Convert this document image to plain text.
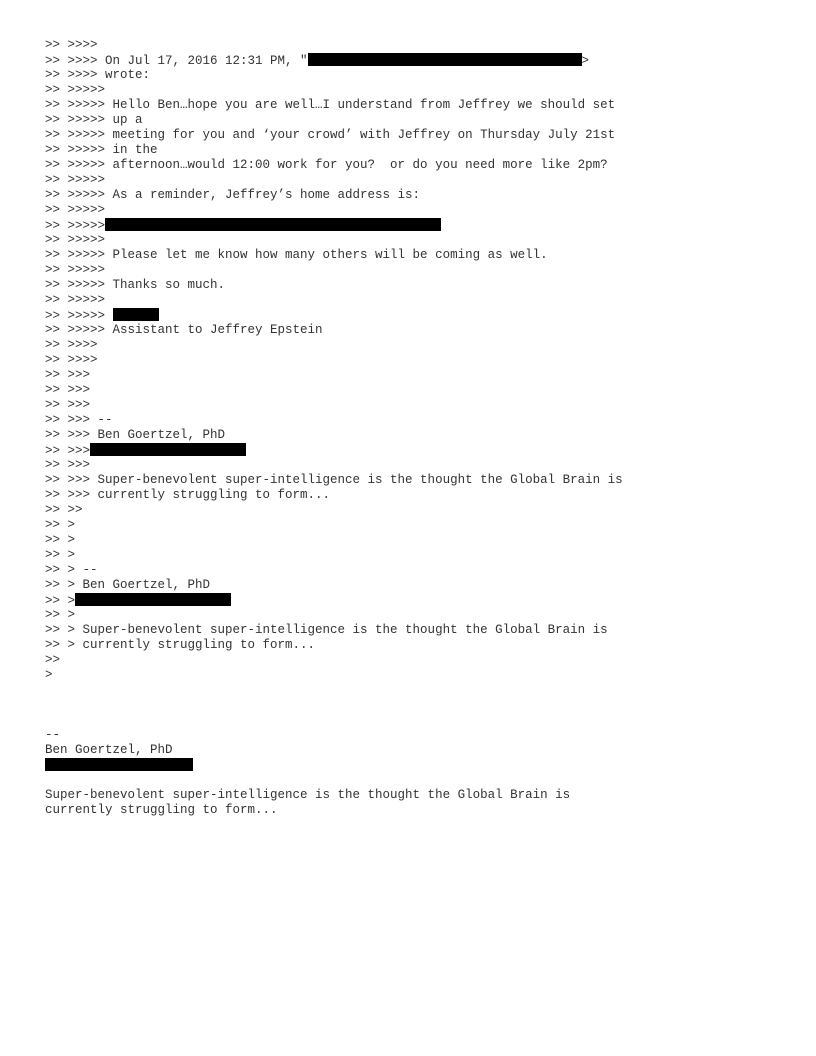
>> >>>>
>> >>>> On Jul 17, 2016 12:31 PM, "	>
>> >>>> wrote:
>> >>>>>
>> >>>>> Hello Ben…hope you are well…I understand from Jeffrey we should set
>> >>>>> up a
>> >>>>> meeting for you and ‘your crowd’ with Jeffrey on Thursday July 21st
>> >>>>> in the
>> >>>>> afternoon…would 12:00 work for you?  or do you need more like 2pm?
>> >>>>>
>> >>>>> As a reminder, Jeffrey’s home address is:
>> >>>>>
>> >>>>>
>> >>>>>
>> >>>>> Please let me know how many others will be coming as well.
>> >>>>>
>> >>>>> Thanks so much.
>> >>>>>
>> >>>>>
>> >>>>> Assistant to Jeffrey Epstein
>> >>>>
>> >>>>
>> >>>
>> >>>
>> >>>
>> >>> --
>> >>> Ben Goertzel, PhD
>> >>>
>> >>>
>> >>> Super-benevolent super-intelligence is the thought the Global Brain is
>> >>> currently struggling to form...
>> >>
>> >
>> >
>> >
>> > --
>> > Ben Goertzel, PhD
>> >
>> >
>> > Super-benevolent super-intelligence is the thought the Global Brain is
>> > currently struggling to form...
>>
>
--
Ben Goertzel, PhD
Super-benevolent super-intelligence is the thought the Global Brain is
currently struggling to form...
